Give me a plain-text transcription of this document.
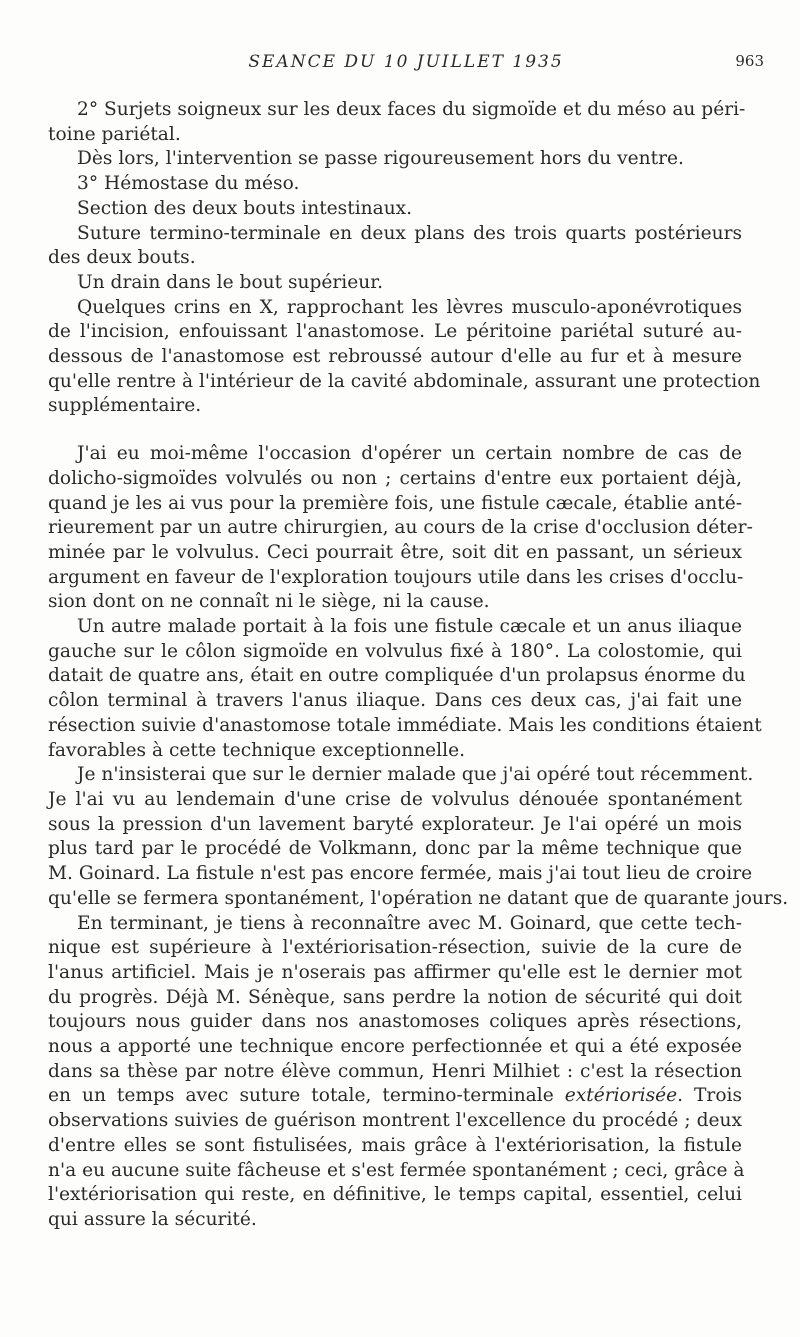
SEANCE DU 10 JUILLET 1935	963
2° Surjets soigneux sur les deux faces du sigmoïde et du méso au péri-
toine pariétal.
Dès lors, l'intervention se passe rigoureusement hors du ventre.
3° Hémostase du méso.
Section des deux bouts intestinaux.
Suture termino-terminale en deux plans des trois quarts postérieurs
des deux bouts.
Un drain dans le bout supérieur.
Quelques crins en X, rapprochant les lèvres musculo-aponévrotiques
de l'incision, enfouissant l'anastomose. Le péritoine pariétal suturé au-
dessous de l'anastomose est rebroussé autour d'elle au fur et à mesure
qu'elle rentre à l'intérieur de la cavité abdominale, assurant une protection
supplémentaire.
J'ai eu moi-même l'occasion d'opérer un certain nombre de cas de
dolicho-sigmoïdes volvulés ou non ; certains d'entre eux portaient déjà,
quand je les ai vus pour la première fois, une fistule cæcale, établie anté-
rieurement par un autre chirurgien, au cours de la crise d'occlusion déter-
minée par le volvulus. Ceci pourrait être, soit dit en passant, un sérieux
argument en faveur de l'exploration toujours utile dans les crises d'occlu-
sion dont on ne connaît ni le siège, ni la cause.
Un autre malade portait à la fois une fistule cæcale et un anus iliaque
gauche sur le côlon sigmoïde en volvulus fixé à 180°. La colostomie, qui
datait de quatre ans, était en outre compliquée d'un prolapsus énorme du
côlon terminal à travers l'anus iliaque. Dans ces deux cas, j'ai fait une
résection suivie d'anastomose totale immédiate. Mais les conditions étaient
favorables à cette technique exceptionnelle.
Je n'insisterai que sur le dernier malade que j'ai opéré tout récemment.
Je l'ai vu au lendemain d'une crise de volvulus dénouée spontanément
sous la pression d'un lavement baryté explorateur. Je l'ai opéré un mois
plus tard par le procédé de Volkmann, donc par la même technique que
M. Goinard. La fistule n'est pas encore fermée, mais j'ai tout lieu de croire
qu'elle se fermera spontanément, l'opération ne datant que de quarante jours.
En terminant, je tiens à reconnaître avec M. Goinard, que cette tech-
nique est supérieure à l'extériorisation-résection, suivie de la cure de
l'anus artificiel. Mais je n'oserais pas affirmer qu'elle est le dernier mot
du progrès. Déjà M. Sénèque, sans perdre la notion de sécurité qui doit
toujours nous guider dans nos anastomoses coliques après résections,
nous a apporté une technique encore perfectionnée et qui a été exposée
dans sa thèse par notre élève commun, Henri Milhiet : c'est la résection
en un temps avec suture totale, termino-terminale extériorisée. Trois
observations suivies de guérison montrent l'excellence du procédé ; deux
d'entre elles se sont fistulisées, mais grâce à l'extériorisation, la fistule
n'a eu aucune suite fâcheuse et s'est fermée spontanément ; ceci, grâce à
l'extériorisation qui reste, en définitive, le temps capital, essentiel, celui
qui assure la sécurité.
